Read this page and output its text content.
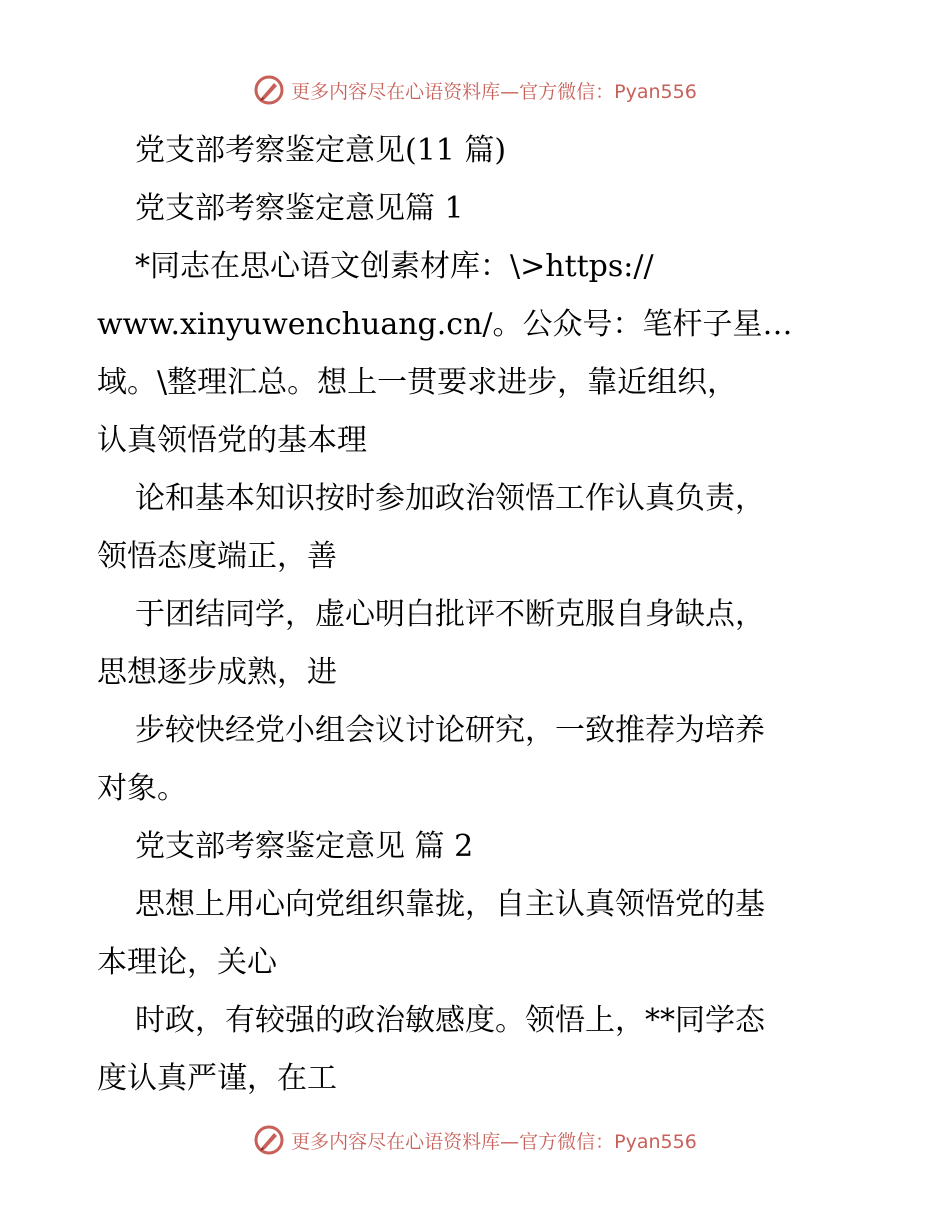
更多内容尽在心语资料库—官方微信：Pyan556
党支部考察鉴定意见(11 篇)
党支部考察鉴定意见篇 1
*同志在思心语文创素材库：\>https://
www.xinyuwenchuang.cn/。公众号：笔杆子星…
域。\整理汇总。想上一贯要求进步，靠近组织，
认真领悟党的基本理
论和基本知识按时参加政治领悟工作认真负责，
领悟态度端正，善
于团结同学，虚心明白批评不断克服自身缺点，
思想逐步成熟，进
步较快经党小组会议讨论研究，一致推荐为培养
对象。
党支部考察鉴定意见 篇 2
思想上用心向党组织靠拢，自主认真领悟党的基
本理论，关心
时政，有较强的政治敏感度。领悟上，**同学态
度认真严谨，在工
更多内容尽在心语资料库—官方微信：Pyan556
